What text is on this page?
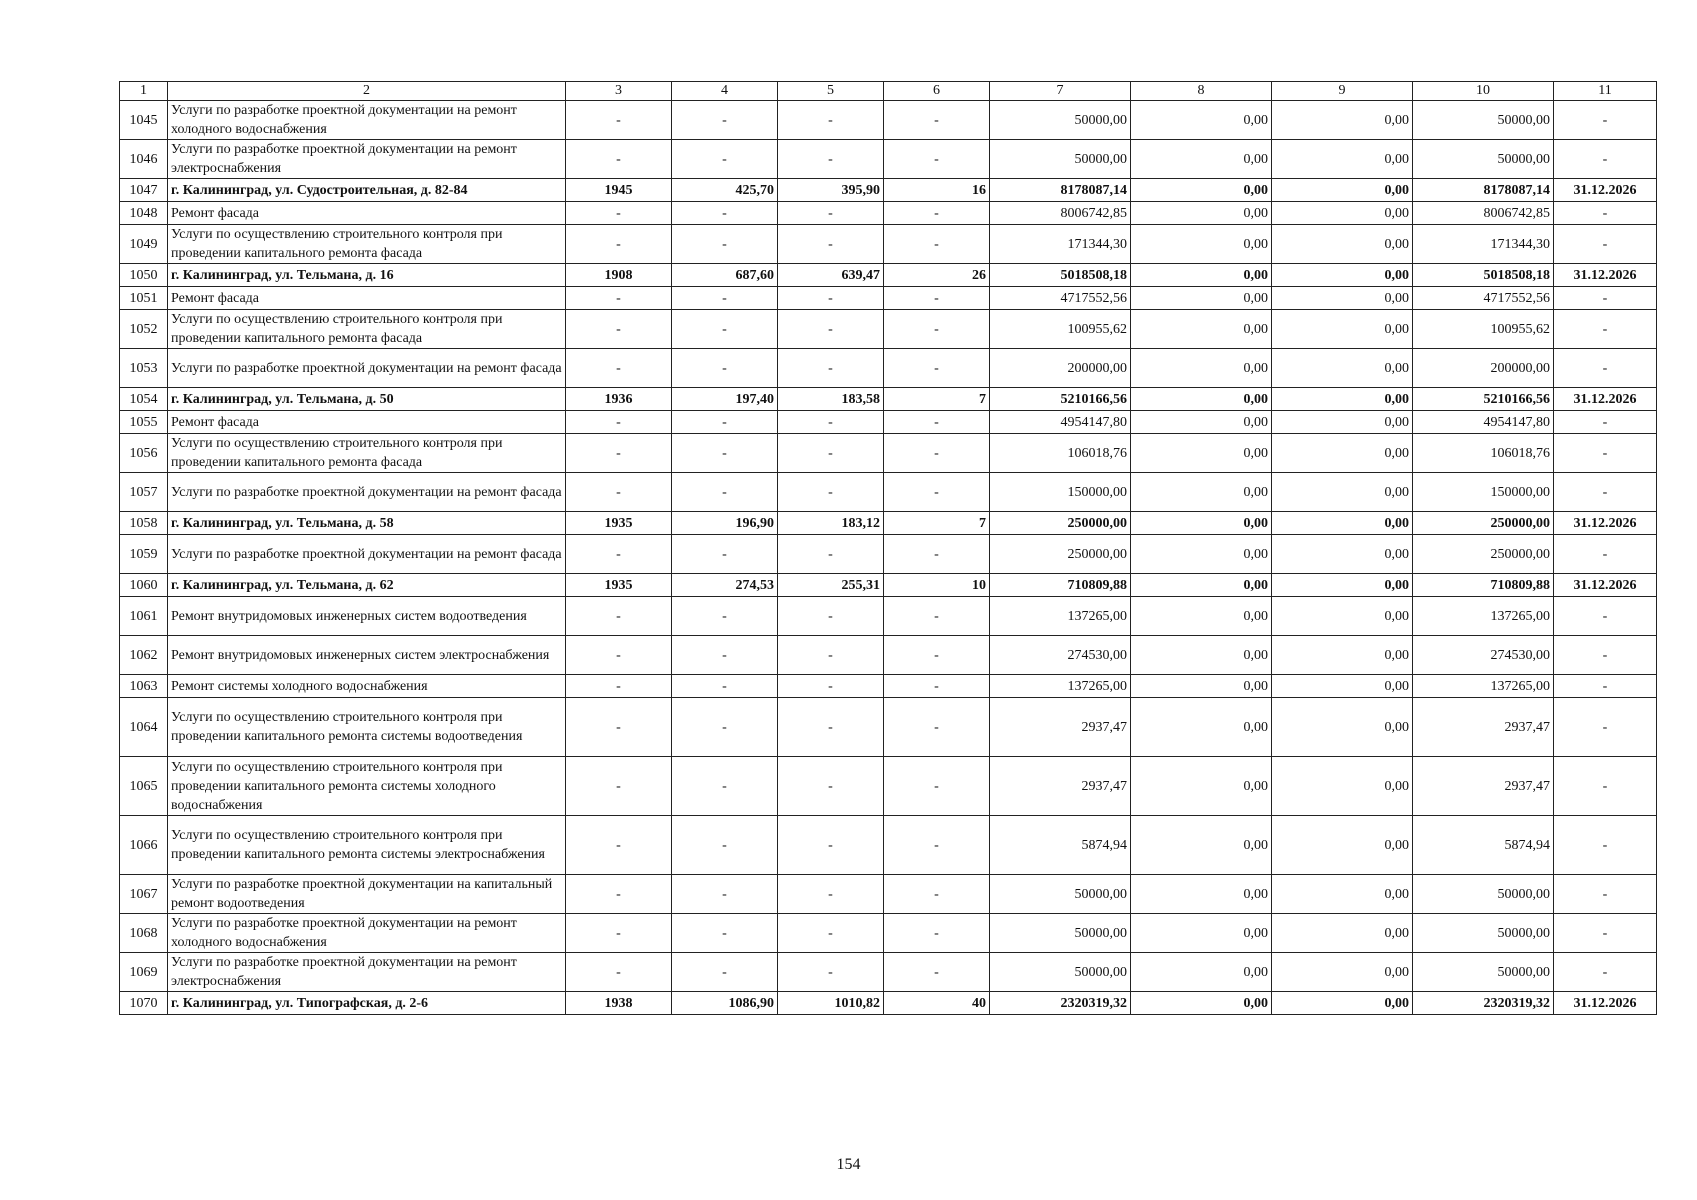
1	2	3	4	5	6	7	8	9	10	11
1045	Услуги по разработке проектной документации на ремонт холодного водоснабжения	-	-	-	-	50000,00	0,00	0,00	50000,00	-
1046	Услуги по разработке проектной документации на ремонт электроснабжения	-	-	-	-	50000,00	0,00	0,00	50000,00	-
1047	г. Калининград, ул. Судостроительная, д. 82-84	1945	425,70	395,90	16	8178087,14	0,00	0,00	8178087,14	31.12.2026
1048	Ремонт фасада	-	-	-	-	8006742,85	0,00	0,00	8006742,85	-
1049	Услуги по осуществлению строительного контроля при проведении капитального ремонта фасада	-	-	-	-	171344,30	0,00	0,00	171344,30	-
1050	г. Калининград, ул. Тельмана, д. 16	1908	687,60	639,47	26	5018508,18	0,00	0,00	5018508,18	31.12.2026
1051	Ремонт фасада	-	-	-	-	4717552,56	0,00	0,00	4717552,56	-
1052	Услуги по осуществлению строительного контроля при проведении капитального ремонта фасада	-	-	-	-	100955,62	0,00	0,00	100955,62	-
1053	Услуги по разработке проектной документации на ремонт фасада	-	-	-	-	200000,00	0,00	0,00	200000,00	-
1054	г. Калининград, ул. Тельмана, д. 50	1936	197,40	183,58	7	5210166,56	0,00	0,00	5210166,56	31.12.2026
1055	Ремонт фасада	-	-	-	-	4954147,80	0,00	0,00	4954147,80	-
1056	Услуги по осуществлению строительного контроля при проведении капитального ремонта фасада	-	-	-	-	106018,76	0,00	0,00	106018,76	-
1057	Услуги по разработке проектной документации на ремонт фасада	-	-	-	-	150000,00	0,00	0,00	150000,00	-
1058	г. Калининград, ул. Тельмана, д. 58	1935	196,90	183,12	7	250000,00	0,00	0,00	250000,00	31.12.2026
1059	Услуги по разработке проектной документации на ремонт фасада	-	-	-	-	250000,00	0,00	0,00	250000,00	-
1060	г. Калининград, ул. Тельмана, д. 62	1935	274,53	255,31	10	710809,88	0,00	0,00	710809,88	31.12.2026
1061	Ремонт внутридомовых инженерных систем водоотведения	-	-	-	-	137265,00	0,00	0,00	137265,00	-
1062	Ремонт внутридомовых инженерных систем электроснабжения	-	-	-	-	274530,00	0,00	0,00	274530,00	-
1063	Ремонт системы холодного водоснабжения	-	-	-	-	137265,00	0,00	0,00	137265,00	-
1064	Услуги по осуществлению строительного контроля при проведении капитального ремонта системы водоотведения	-	-	-	-	2937,47	0,00	0,00	2937,47	-
1065	Услуги по осуществлению строительного контроля при проведении капитального ремонта системы холодного водоснабжения	-	-	-	-	2937,47	0,00	0,00	2937,47	-
1066	Услуги по осуществлению строительного контроля при проведении капитального ремонта системы электроснабжения	-	-	-	-	5874,94	0,00	0,00	5874,94	-
1067	Услуги по разработке проектной документации на капитальный ремонт водоотведения	-	-	-	-	50000,00	0,00	0,00	50000,00	-
1068	Услуги по разработке проектной документации на ремонт холодного водоснабжения	-	-	-	-	50000,00	0,00	0,00	50000,00	-
1069	Услуги по разработке проектной документации на ремонт электроснабжения	-	-	-	-	50000,00	0,00	0,00	50000,00	-
1070	г. Калининград, ул. Типографская, д. 2-6	1938	1086,90	1010,82	40	2320319,32	0,00	0,00	2320319,32	31.12.2026
154
